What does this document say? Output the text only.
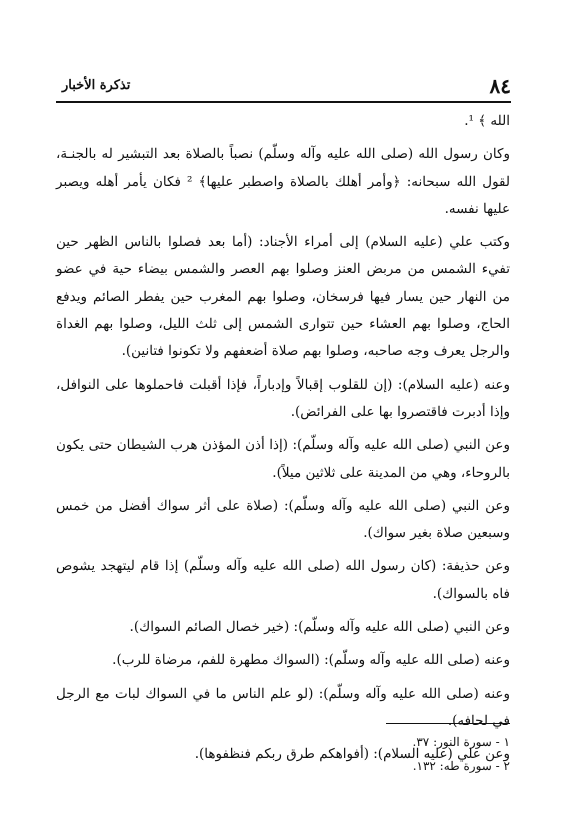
٨٤
تذكرة الأخبار

الله ﴾ ¹.

وكان رسول الله (صلى الله عليه وآله وسلّم) نصباً بالصلاة بعد التبشير له بالجنـة، لقول الله سبحانه: ﴿وأمر أهلك بالصلاة واصطبر عليها﴾ ² فكان يأمر أهله ويصبر عليها نفسه.

وكتب علي (عليه السلام) إلى أمراء الأجناد: (أما بعد فصلوا بالناس الظهر حين تفيء الشمس من مربض العنز وصلوا بهم العصر والشمس بيضاء حية في عضو من النهار حين يسار فيها فرسخان، وصلوا بهم المغرب حين يفطر الصائم ويدفع الحاج، وصلوا بهم العشاء حين تتوارى الشمس إلى ثلث الليل، وصلوا بهم الغداة والرجل يعرف وجه صاحبه، وصلوا بهم صلاة أضعفهم ولا تكونوا فتانين).

وعنه (عليه السلام): (إن للقلوب إقبالاً وإدباراً، فإذا أقبلت فاحملوها على النوافل، وإذا أدبرت فاقتصروا بها على الفرائض).

وعن النبي (صلى الله عليه وآله وسلّم): (إذا أذن المؤذن هرب الشيطان حتى يكون بالروحاء، وهي من المدينة على ثلاثين ميلاً).

وعن النبي (صلى الله عليه وآله وسلّم): (صلاة على أثر سواك أفضل من خمس وسبعين صلاة بغير سواك).

وعن حذيفة: (كان رسول الله (صلى الله عليه وآله وسلّم) إذا قام ليتهجد يشوص فاه بالسواك).

وعن النبي (صلى الله عليه وآله وسلّم): (خير خصال الصائم السواك).

وعنه (صلى الله عليه وآله وسلّم): (السواك مطهرة للفم، مرضاة للرب).

وعنه (صلى الله عليه وآله وسلّم): (لو علم الناس ما في السواك لبات مع الرجل في لحافه).

وعن علي (عليه السلام): (أفواهكم طرق ربكم فنظفوها).

١ - سورة النور: ٣٧.

٢ - سورة طه: ١٣٢.
